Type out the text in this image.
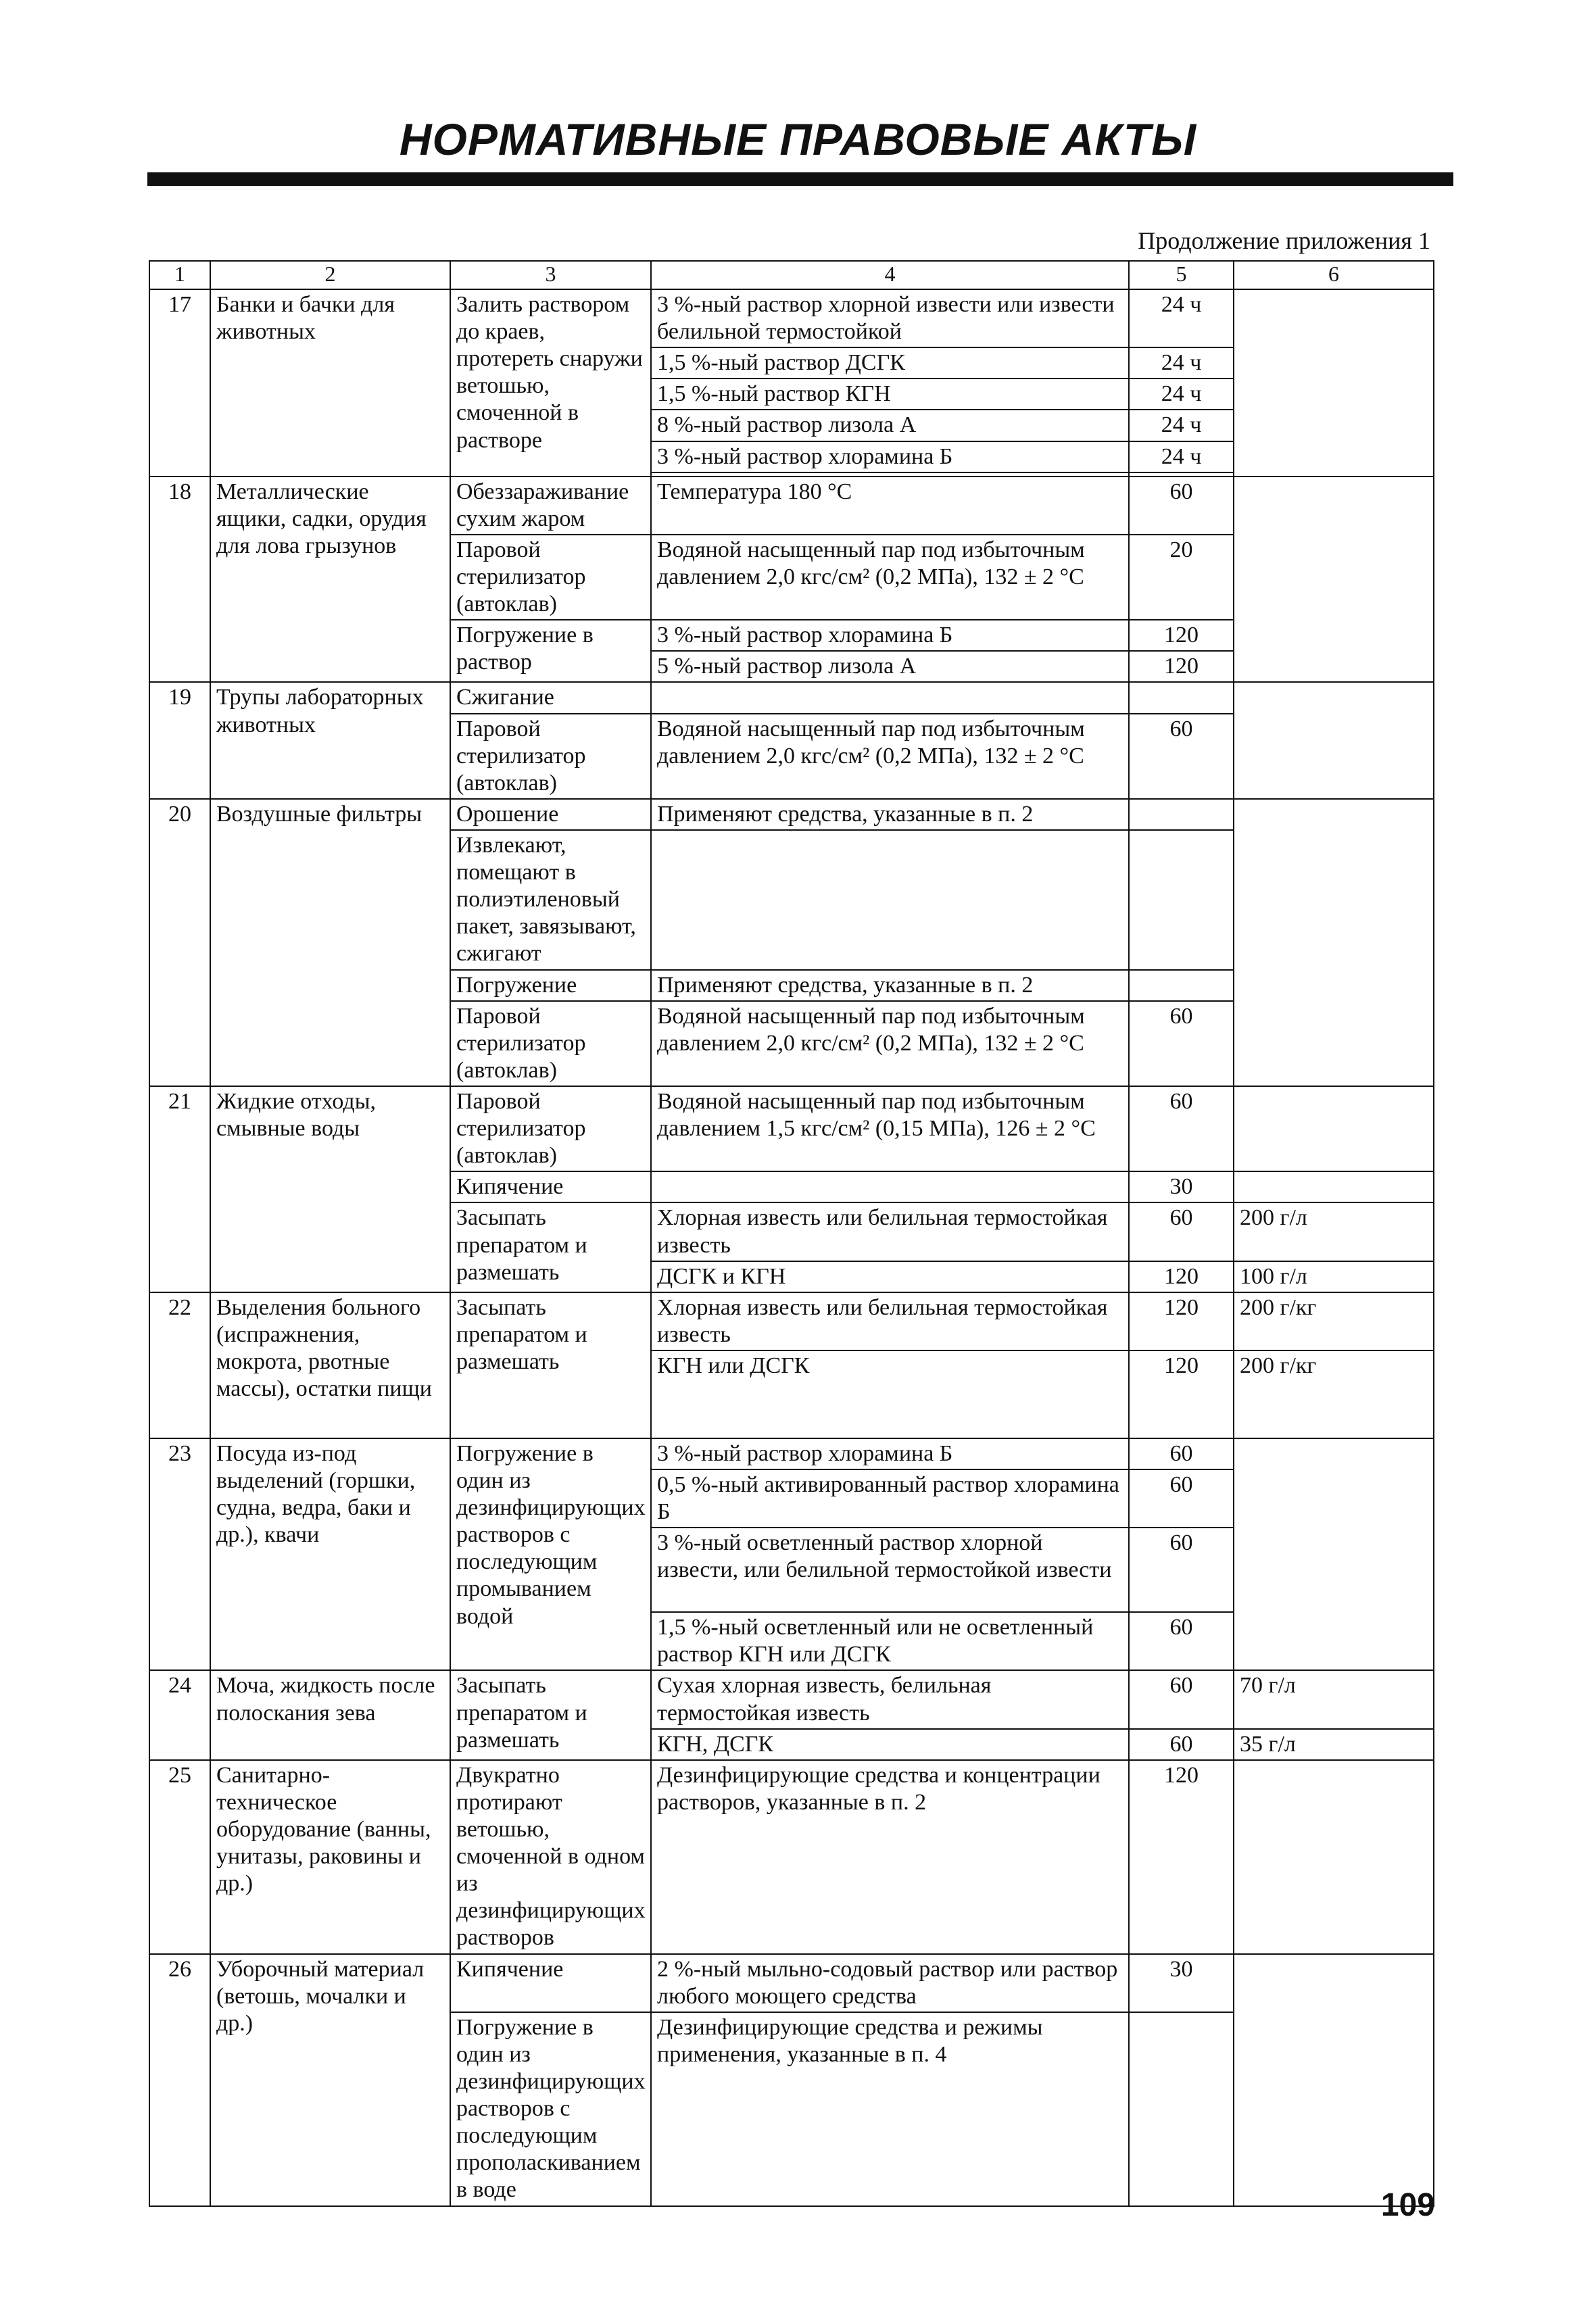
НОРМАТИВНЫЕ ПРАВОВЫЕ АКТЫ
Продолжение приложения 1
1	2	3	4	5	6
17	Банки и бачки для животных	Залить раствором до краев, протереть снаружи ветошью, смоченной в растворе	3 %-ный раствор хлорной извести или извести белильной термостойкой	24 ч	
			1,5 %-ный раствор ДСГК	24 ч	
			1,5 %-ный раствор КГН	24 ч	
			8 %-ный раствор лизола А	24 ч	
			3 %-ный раствор хлорамина Б	24 ч	

18	Металлические ящики, садки, орудия для лова грызунов	Обеззараживание сухим жаром	Температура 180 °С	60	
		Паровой стерилизатор (автоклав)	Водяной насыщенный пар под избыточным давлением 2,0 кгс/см² (0,2 МПа), 132 ± 2 °С	20	
		Погружение в раствор	3 %-ный раствор хлорамина Б	120	
			5 %-ный раствор лизола А	120	
19	Трупы лабораторных животных	Сжигание			
		Паровой стерилизатор (автоклав)	Водяной насыщенный пар под избыточным давлением 2,0 кгс/см² (0,2 МПа), 132 ± 2 °С	60	
20	Воздушные фильтры	Орошение	Применяют средства, указанные в п. 2		
		Извлекают, помещают в полиэтиленовый пакет, завязывают, сжигают			
		Погружение	Применяют средства, указанные в п. 2		
		Паровой стерилизатор (автоклав)	Водяной насыщенный пар под избыточным давлением 2,0 кгс/см² (0,2 МПа), 132 ± 2 °С	60	
21	Жидкие отходы, смывные воды	Паровой стерилизатор (автоклав)	Водяной насыщенный пар под избыточным давлением 1,5 кгс/см² (0,15 МПа), 126 ± 2 °С	60	
		Кипячение		30	
		Засыпать препаратом и размешать	Хлорная известь или белильная термостойкая известь	60	200 г/л
			ДСГК и КГН	120	100 г/л
22	Выделения больного (испражнения, мокрота, рвотные массы), остатки пищи	Засыпать препаратом и размешать	Хлорная известь или белильная термостойкая известь	120	200 г/кг
			КГН или ДСГК	120	200 г/кг
23	Посуда из-под выделений (горшки, судна, ведра, баки и др.), квачи	Погружение в один из дезинфицирующих растворов с последующим промыванием водой	3 %-ный раствор хлорамина Б	60	
			0,5 %-ный активированный раствор хлорамина Б	60	
			3 %-ный осветленный раствор хлорной извести, или белильной термостойкой извести	60	
			1,5 %-ный осветленный или не осветленный раствор КГН или ДСГК	60	
24	Моча, жидкость после полоскания зева	Засыпать препаратом и размешать	Сухая хлорная известь, белильная термостойкая известь	60	70 г/л
			КГН, ДСГК	60	35 г/л
25	Санитарно-техническое оборудование (ванны, унитазы, раковины и др.)	Двукратно протирают ветошью, смоченной в одном из дезинфицирующих растворов	Дезинфицирующие средства и концентрации растворов, указанные в п. 2	120	
26	Уборочный материал (ветошь, мочалки и др.)	Кипячение	2 %-ный мыльно-содовый раствор или раствор любого моющего средства	30	
		Погружение в один из дезинфицирующих растворов с последующим прополаскиванием в воде	Дезинфицирующие средства и режимы применения, указанные в п. 4		
109
